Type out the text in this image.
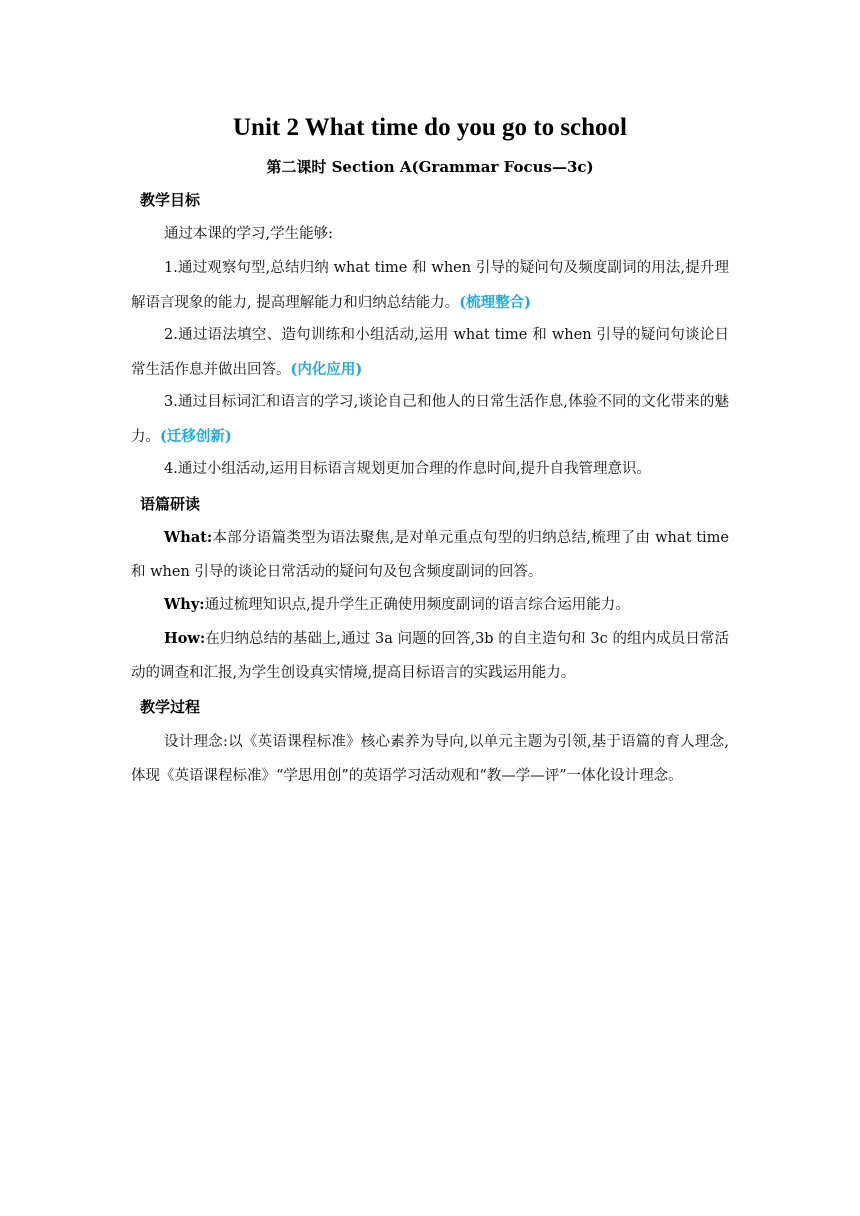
Unit 2 What time do you go to school
第二课时 Section A(Grammar Focus—3c)
教学目标
通过本课的学习,学生能够:
1.通过观察句型,总结归纳 what time 和 when 引导的疑问句及频度副词的用法,提升理解语言现象的能力, 提高理解能力和归纳总结能力。(梳理整合)
2.通过语法填空、造句训练和小组活动,运用 what time 和 when 引导的疑问句谈论日常生活作息并做出回答。(内化应用)
3.通过目标词汇和语言的学习,谈论自己和他人的日常生活作息,体验不同的文化带来的魅力。(迁移创新)
4.通过小组活动,运用目标语言规划更加合理的作息时间,提升自我管理意识。
语篇研读
What:本部分语篇类型为语法聚焦,是对单元重点句型的归纳总结,梳理了由 what time 和 when 引导的谈论日常活动的疑问句及包含频度副词的回答。
Why:通过梳理知识点,提升学生正确使用频度副词的语言综合运用能力。
How:在归纳总结的基础上,通过 3a 问题的回答,3b 的自主造句和 3c 的组内成员日常活动的调查和汇报,为学生创设真实情境,提高目标语言的实践运用能力。
教学过程
设计理念:以《英语课程标准》核心素养为导向,以单元主题为引领,基于语篇的育人理念,体现《英语课程标准》“学思用创”的英语学习活动观和“教—学—评”一体化设计理念。
